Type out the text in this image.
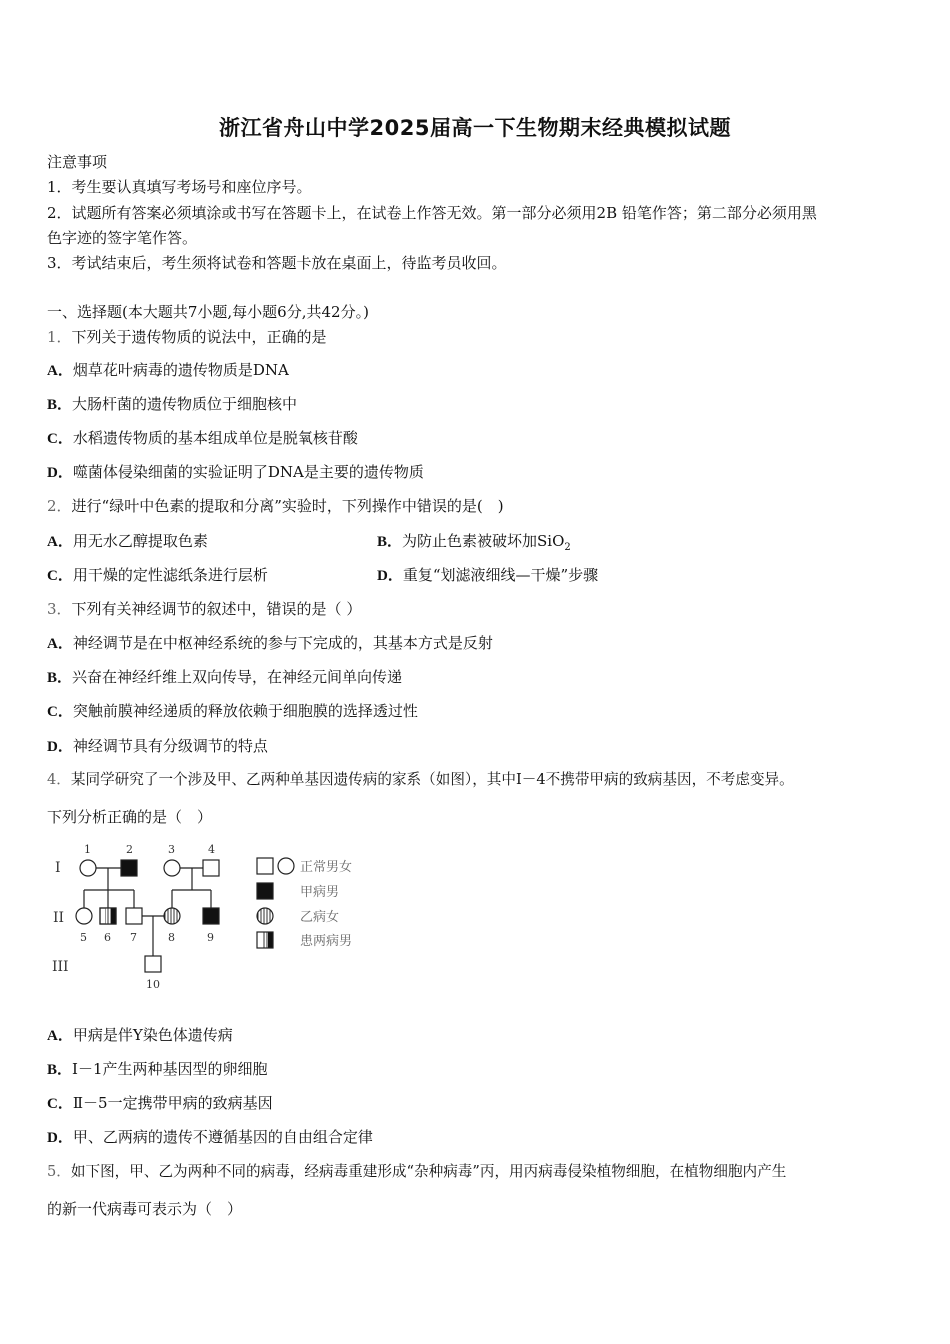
浙江省舟山中学2025届高一下生物期末经典模拟试题
注意事项
1．考生要认真填写考场号和座位序号。
2．试题所有答案必须填涂或书写在答题卡上，在试卷上作答无效。第一部分必须用2B 铅笔作答；第二部分必须用黑
色字迹的签字笔作答。
3．考试结束后，考生须将试卷和答题卡放在桌面上，待监考员收回。
一、选择题(本大题共7小题,每小题6分,共42分。)
1．下列关于遗传物质的说法中，正确的是
A．烟草花叶病毒的遗传物质是DNA
B．大肠杆菌的遗传物质位于细胞核中
C．水稻遗传物质的基本组成单位是脱氧核苷酸
D．噬菌体侵染细菌的实验证明了DNA是主要的遗传物质
2．进行“绿叶中色素的提取和分离”实验时，下列操作中错误的是(　)
A．用无水乙醇提取色素	B．为防止色素被破坏加SiO$_2$
C．用干燥的定性滤纸条进行层析	D．重复“划滤液细线—干燥”步骤
3．下列有关神经调节的叙述中，错误的是（ ）
A．神经调节是在中枢神经系统的参与下完成的，其基本方式是反射
B．兴奋在神经纤维上双向传导，在神经元间单向传递
C．突触前膜神经递质的释放依赖于细胞膜的选择透过性
D．神经调节具有分级调节的特点
4．某同学研究了一个涉及甲、乙两种单基因遗传病的家系（如图），其中Ⅰ－4不携带甲病的致病基因，不考虑变异。
下列分析正确的是（　）
I
II
III
1	2	3	4
5 6 7	8	9
10
正常男女
甲病男
乙病女
患两病男
A．甲病是伴Y染色体遗传病
B．Ⅰ－1产生两种基因型的卵细胞
C．Ⅱ－5一定携带甲病的致病基因
D．甲、乙两病的遗传不遵循基因的自由组合定律
5．如下图，甲、乙为两种不同的病毒，经病毒重建形成“杂种病毒”丙，用丙病毒侵染植物细胞，在植物细胞内产生
的新一代病毒可表示为（　）
